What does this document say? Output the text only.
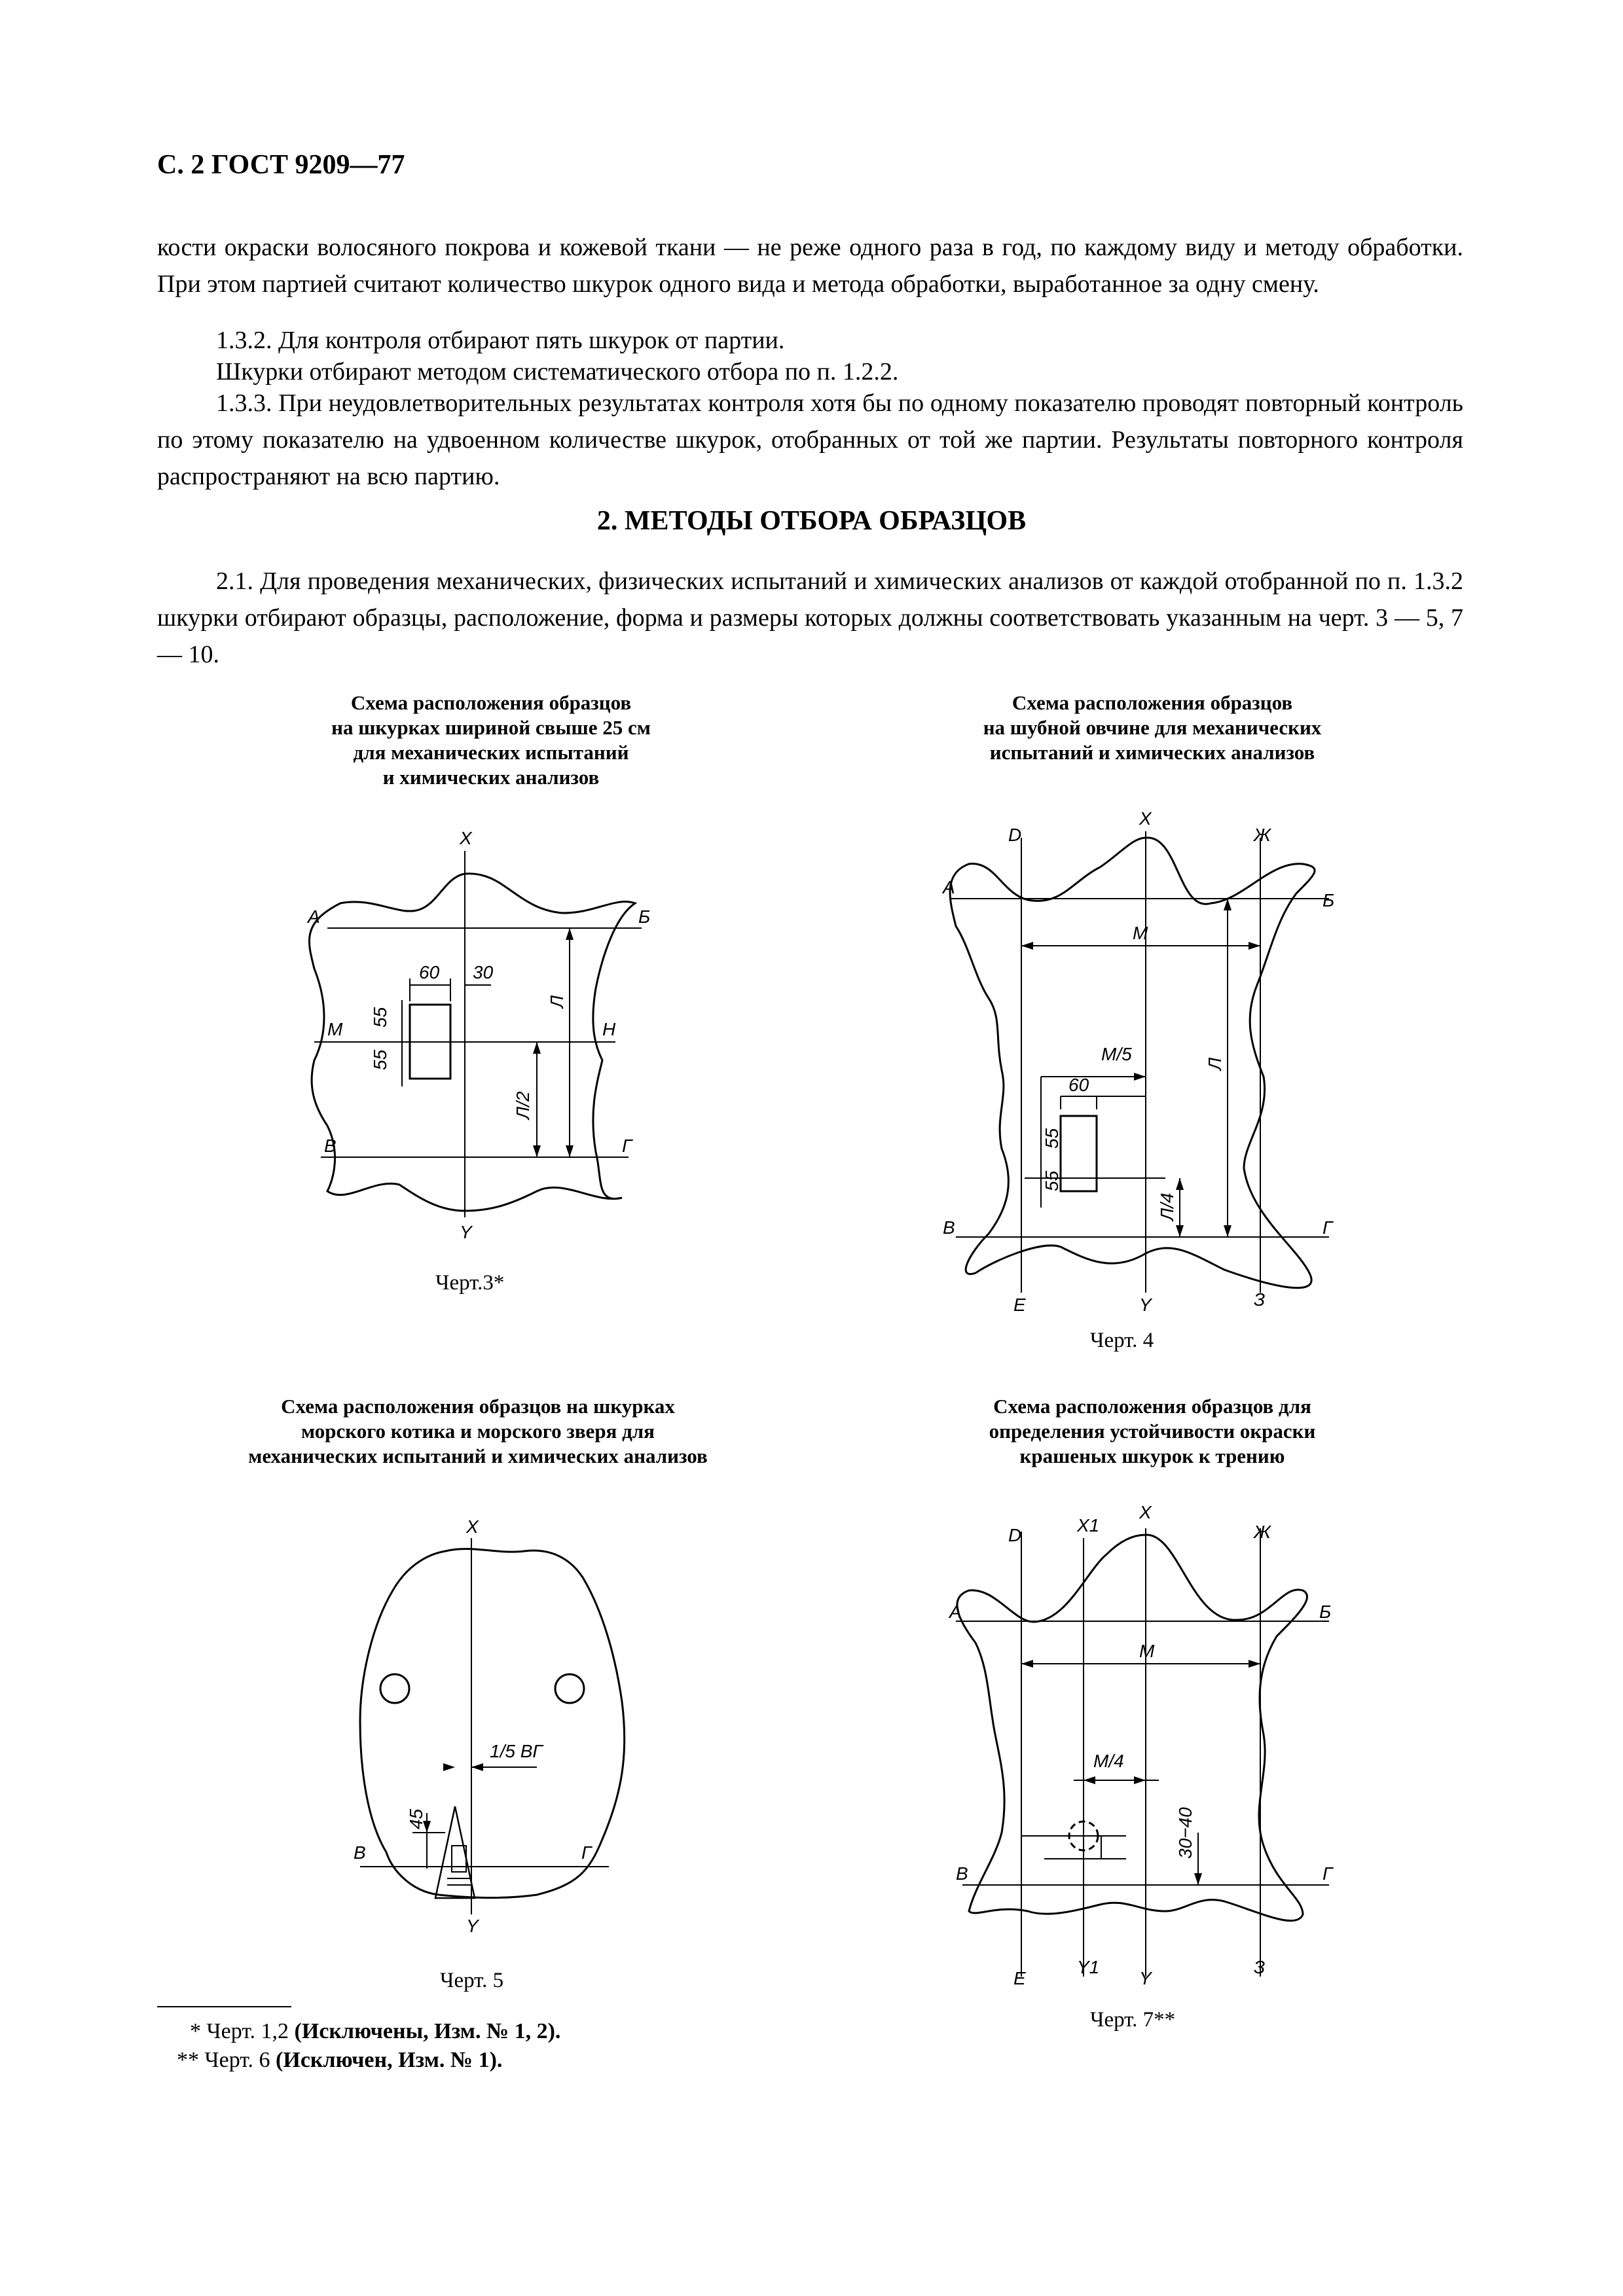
С. 2 ГОСТ 9209—77
кости окраски волосяного покрова и кожевой ткани — не реже одного раза в год, по каждому виду и методу обработки. При этом партией считают количество шкурок одного вида и метода обработки, выработанное за одну смену.
1.3.2. Для контроля отбирают пять шкурок от партии.
Шкурки отбирают методом систематического отбора по п. 1.2.2.
1.3.3. При неудовлетворительных результатах контроля хотя бы по одному показателю проводят повторный контроль по этому показателю на удвоенном количестве шкурок, отобранных от той же партии. Результаты повторного контроля распространяют на всю партию.
2. МЕТОДЫ ОТБОРА ОБРАЗЦОВ
2.1. Для проведения механических, физических испытаний и химических анализов от каждой отобранной по п. 1.3.2 шкурки отбирают образцы, расположение, форма и размеры которых должны соответствовать указанным на черт. 3 — 5, 7 — 10.
Схема расположения образцов
на шкурках шириной свыше 25 см
для механических испытаний
и химических анализов
Схема расположения образцов
на шубной овчине для механических
испытаний и химических анализов
X
Y
А	Б
М	Н
В	Г
60 30
55
55
Л
Л/2
Черт.3*
X
D	Ж
А
Б
М
М/5
60
55
55
Л
Л/4
В	Г
Е	Y	З
Черт. 4
Схема расположения образцов на шкурках
морского котика и морского зверя для
механических испытаний и химических анализов
Схема расположения образцов для
определения устойчивости окраски
крашеных шкурок к трению
X
1/5 ВГ
45
В	Г
Y
Черт. 5
X
X1
D	Ж
А	Б
М
М/4
30−40
В	Г
Е
Y1
Y
З
Черт. 7**
* Черт. 1,2 (Исключены, Изм. № 1, 2).
** Черт. 6 (Исключен, Изм. № 1).
